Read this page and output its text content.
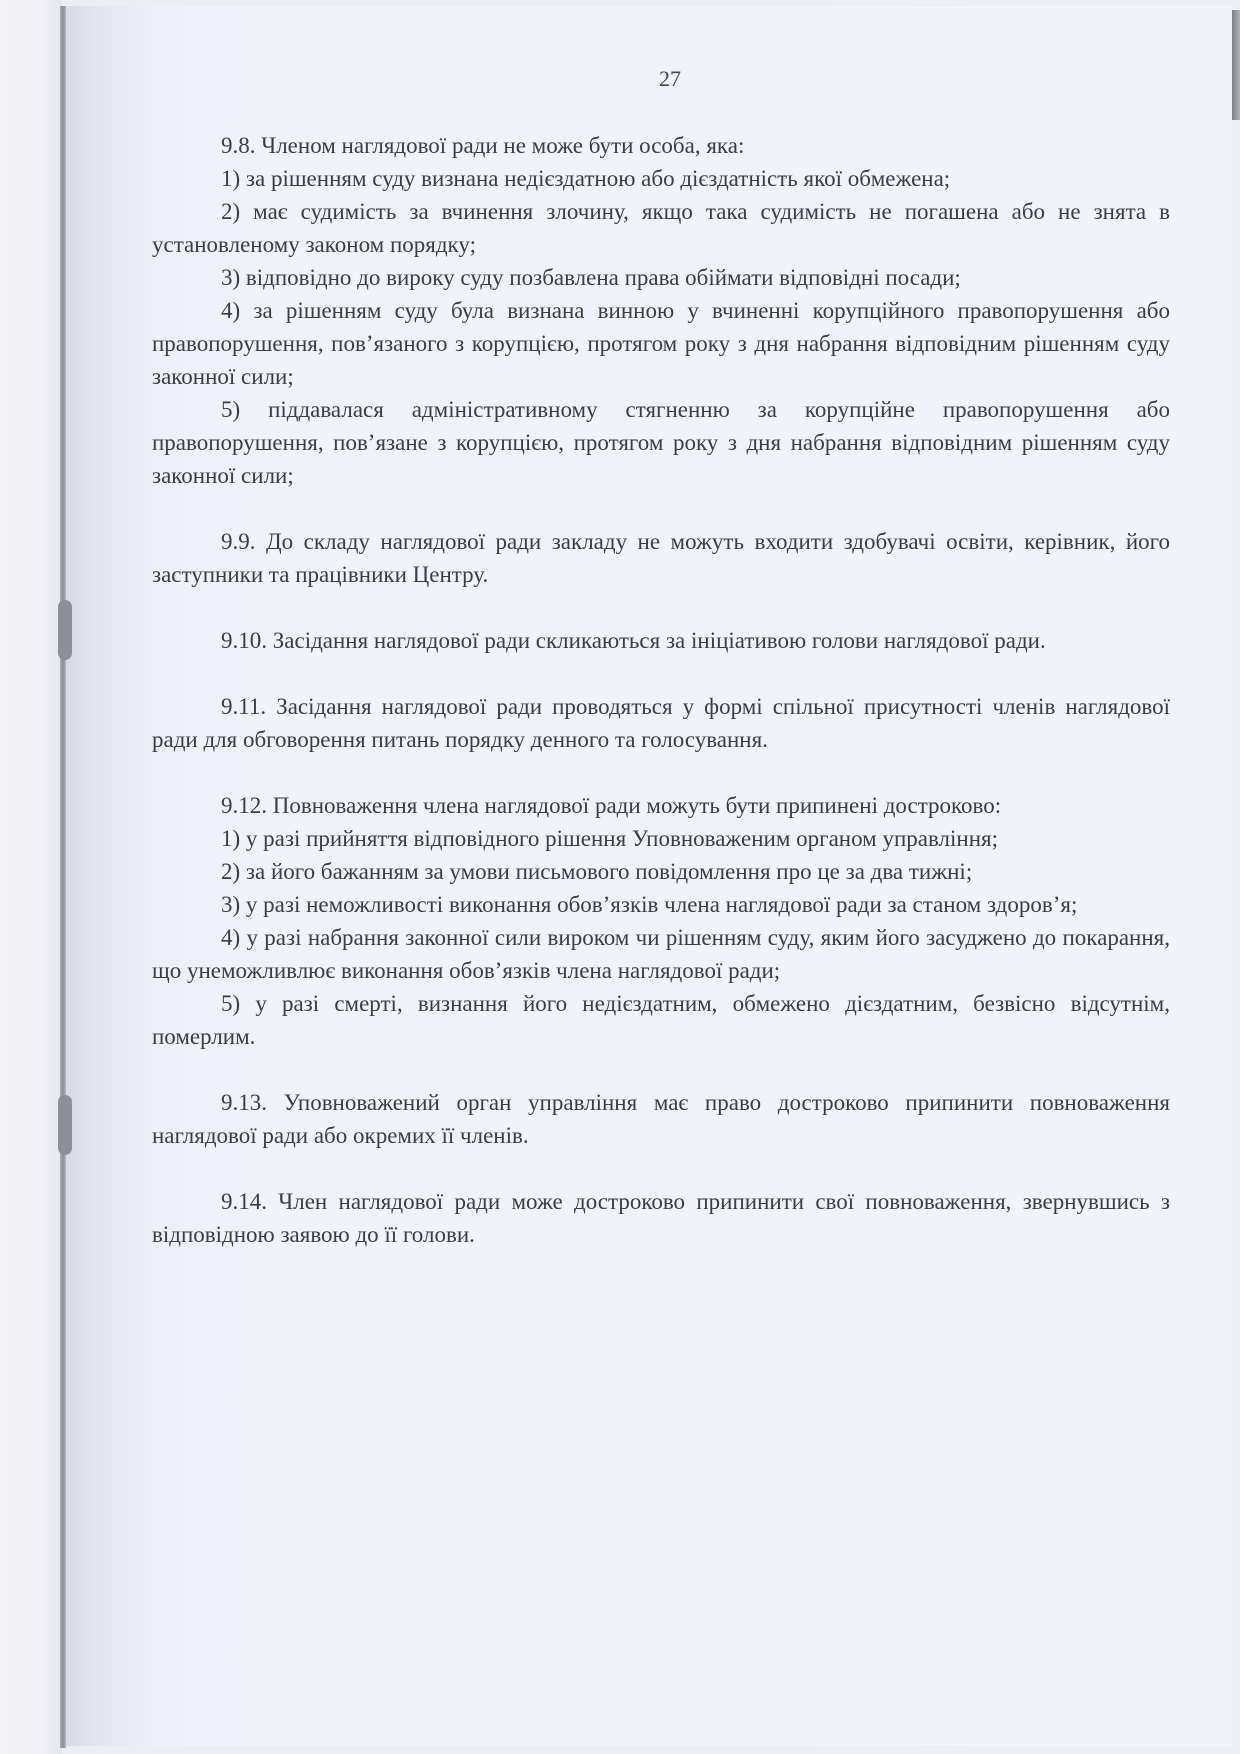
27

9.8. Членом наглядової ради не може бути особа, яка:

1) за рішенням суду визнана недієздатною або дієздатність якої обмежена;

2) має судимість за вчинення злочину, якщо така судимість не погашена або не знята в установленому законом порядку;

3) відповідно до вироку суду позбавлена права обіймати відповідні посади;

4) за рішенням суду була визнана винною у вчиненні корупційного правопорушення або правопорушення, пов’язаного з корупцією, протягом року з дня набрання відповідним рішенням суду законної сили;

5) піддавалася адміністративному стягненню за корупційне правопорушення або правопорушення, пов’язане з корупцією, протягом року з дня набрання відповідним рішенням суду законної сили;

9.9. До складу наглядової ради закладу не можуть входити здобувачі освіти, керівник, його заступники та працівники Центру.

9.10. Засідання наглядової ради скликаються за ініціативою голови наглядової ради.

9.11. Засідання наглядової ради проводяться у формі спільної присутності членів наглядової ради для обговорення питань порядку денного та голосування.

9.12. Повноваження члена наглядової ради можуть бути припинені достроково:

1) у разі прийняття відповідного рішення Уповноваженим органом управління;

2) за його бажанням за умови письмового повідомлення про це за два тижні;

3) у разі неможливості виконання обов’язків члена наглядової ради за станом здоров’я;

4) у разі набрання законної сили вироком чи рішенням суду, яким його засуджено до покарання, що унеможливлює виконання обов’язків члена наглядової ради;

5) у разі смерті, визнання його недієздатним, обмежено дієздатним, безвісно відсутнім, померлим.

9.13. Уповноважений орган управління має право достроково припинити повноваження наглядової ради або окремих її членів.

9.14. Член наглядової ради може достроково припинити свої повноваження, звернувшись з відповідною заявою до її голови.
